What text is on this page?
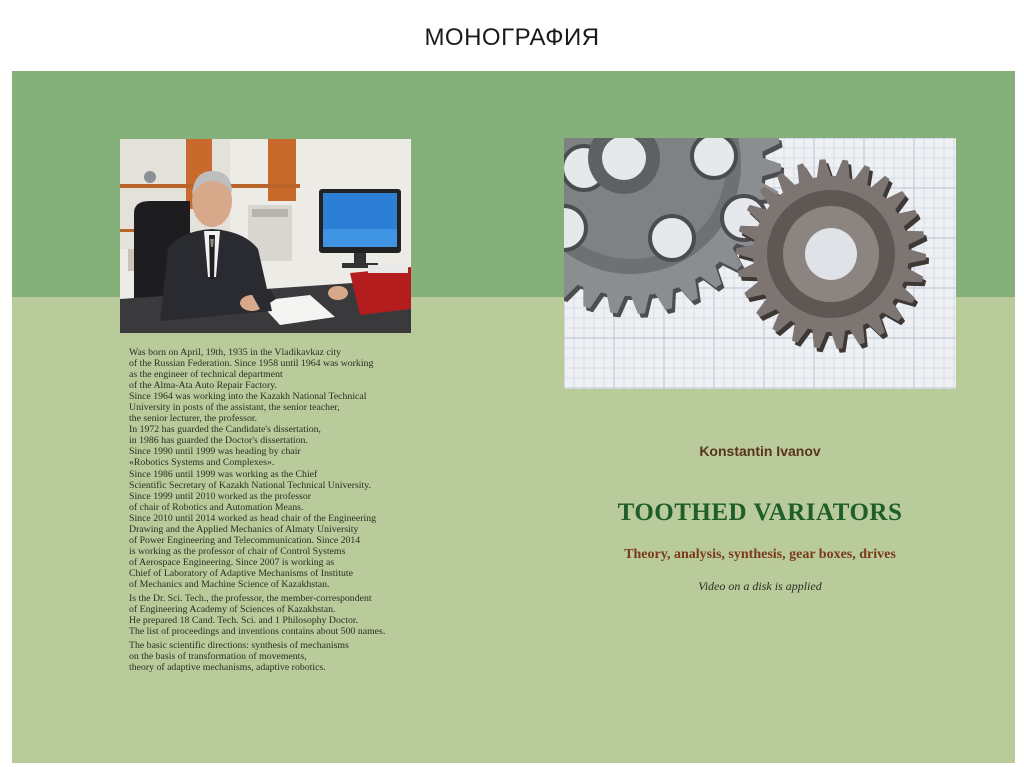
МОНОГРАФИЯ
Was born on April, 19th, 1935 in the Vladikavkaz city
of the Russian Federation. Since 1958 until 1964 was working
as the engineer of technical department
of the Alma-Ata Auto Repair Factory.
Since 1964 was working into the Kazakh National Technical
University in posts of the assistant, the senior teacher,
the senior lecturer, the professor.
In 1972 has guarded the Candidate's dissertation,
in 1986 has guarded the Doctor's dissertation.
Since 1990 until 1999 was heading by chair
«Robotics Systems and Complexes».
Since 1986 until 1999 was working as the Chief
Scientific Secretary of Kazakh National Technical University.
Since 1999 until 2010 worked as the professor
of chair of Robotics and Automation Means.
Since 2010 until 2014 worked as head chair of the Engineering
Drawing and the Applied Mechanics of Almaty University
of Power Engineering and Telecommunication. Since 2014
is working as the professor of chair of Control Systems
of Aerospace Engineering. Since 2007 is working as
Chief of Laboratory of Adaptive Mechanisms of Institute
of Mechanics and Machine Science of Kazakhstan.
Is the Dr. Sci. Tech., the professor, the member-correspondent
of Engineering Academy of Sciences of Kazakhstan.
He prepared 18 Cand. Tech. Sci. and 1 Philosophy Doctor.
The list of proceedings and inventions contains about 500 names.
The basic scientific directions: synthesis of mechanisms
on the basis of transformation of movements,
theory of adaptive mechanisms, adaptive robotics.
Konstantin Ivanov
TOOTHED VARIATORS
Theory, analysis, synthesis, gear boxes, drives
Video on a disk is applied
